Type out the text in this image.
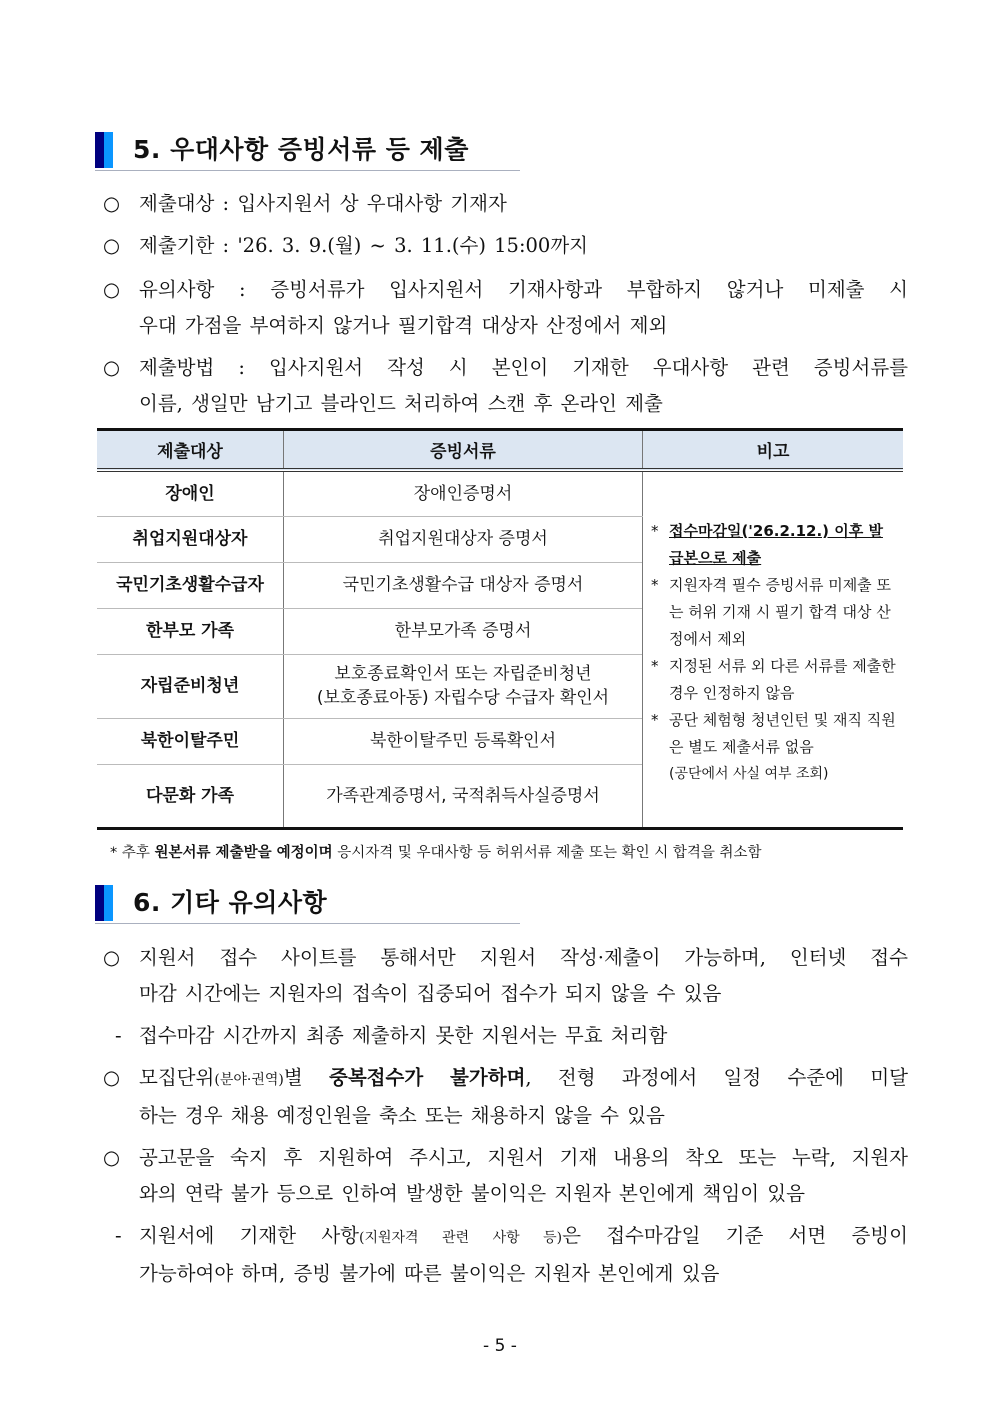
5. 우대사항 증빙서류 등 제출
○ 제출대상 : 입사지원서 상 우대사항 기재자
○ 제출기한 : '26. 3. 9.(월) ~ 3. 11.(수) 15:00까지
○ 유의사항 : 증빙서류가 입사지원서 기재사항과 부합하지 않거나 미제출 시
우대 가점을 부여하지 않거나 필기합격 대상자 산정에서 제외
○ 제출방법 : 입사지원서 작성 시 본인이 기재한 우대사항 관련 증빙서류를
이름, 생일만 남기고 블라인드 처리하여 스캔 후 온라인 제출
제출대상	증빙서류	비고
장애인	장애인증명서	
* 접수마감일('26.2.12.) 이후 발급본으로 제출
* 지원자격 필수 증빙서류 미제출 또는 허위 기재 시 필기 합격 대상 산정에서 제외
* 지정된 서류 외 다른 서류를 제출한 경우 인정하지 않음
* 공단 체험형 청년인턴 및 재직 직원은 별도 제출서류 없음
(공단에서 사실 여부 조회)

취업지원대상자	취업지원대상자 증명서	
국민기초생활수급자	국민기초생활수급 대상자 증명서	
한부모 가족	한부모가족 증명서	
자립준비청년	보호종료확인서 또는 자립준비청년
(보호종료아동) 자립수당 수급자 확인서	

북한이탈주민	북한이탈주민 등록확인서	
다문화 가족	가족관계증명서, 국적취득사실증명서	
* 추후 원본서류 제출받을 예정이며 응시자격 및 우대사항 등 허위서류 제출 또는 확인 시 합격을 취소함
6. 기타 유의사항
○ 지원서 접수 사이트를 통해서만 지원서 작성·제출이 가능하며, 인터넷 접수
마감 시간에는 지원자의 접속이 집중되어 접수가 되지 않을 수 있음
- 접수마감 시간까지 최종 제출하지 못한 지원서는 무효 처리함
○ 모집단위(분야·권역)별 중복접수가 불가하며, 전형 과정에서 일정 수준에 미달
하는 경우 채용 예정인원을 축소 또는 채용하지 않을 수 있음
○ 공고문을 숙지 후 지원하여 주시고, 지원서 기재 내용의 착오 또는 누락, 지원자
와의 연락 불가 등으로 인하여 발생한 불이익은 지원자 본인에게 책임이 있음
- 지원서에 기재한 사항(지원자격 관련 사항 등)은 접수마감일 기준 서면 증빙이
가능하여야 하며, 증빙 불가에 따른 불이익은 지원자 본인에게 있음
- 5 -
